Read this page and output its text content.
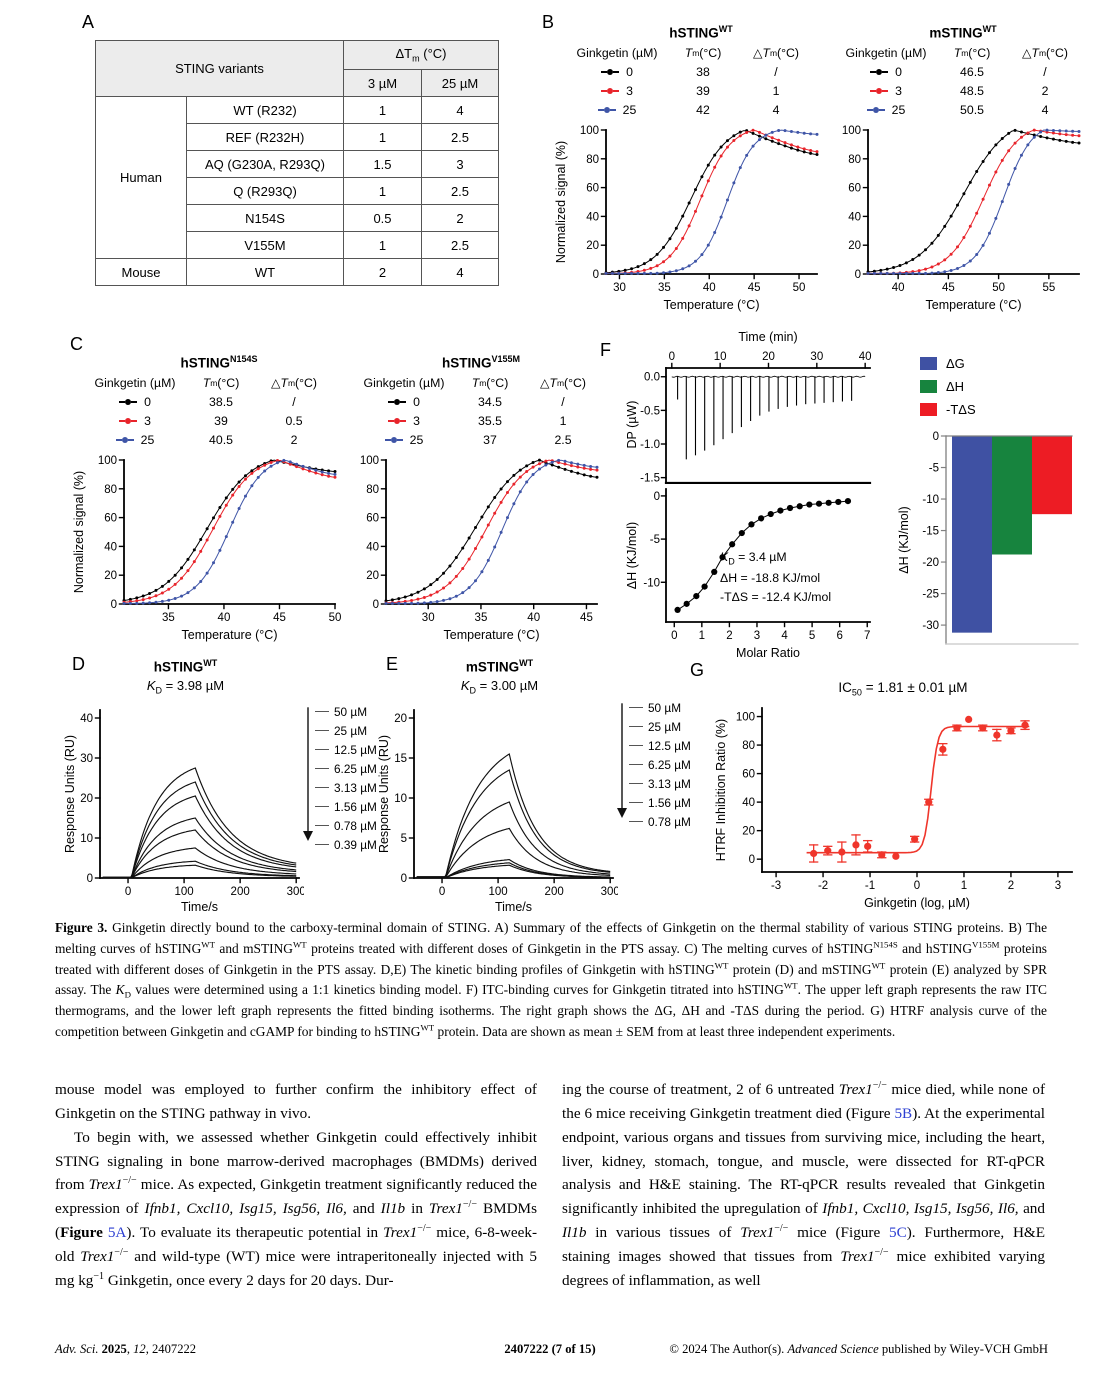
A
STING variants		$\Delta T_m$ (°C)	
		3 µM	25 µM
Human	WT (R232)	1	4
	REF (R232H)	1	2.5
	AQ (G230A, R293Q)	1.5	3
	Q (R293Q)	1	2.5
	N154S	0.5	2
	V155M	1	2.5
Mouse	WT	2	4
B
hSTING$^{WT}$
Ginkgetin (µM)	T m (°C)	△ T m (°C)
0	38	/
3	39	1
25	42	4
0
20
40
60
80
100
30	35	40	45	50
Temperature (°C)
Normalized signal (%)
mSTING$^{WT}$
Ginkgetin (µM)	T m (°C)	△ T m (°C)
0	46.5	/
3	48.5	2
25	50.5	4
0
20
40
60
80
100
40	45	50	55
Temperature (°C)
C
hSTING$^{N154S}$
Ginkgetin (µM)	T m (°C)	△ T m (°C)
0	38.5	/
3	39	0.5
25	40.5	2
0
20
40
60
80
100
35	40	45	50
Temperature (°C)
Normalized signal (%)
hSTING$^{V155M}$
Ginkgetin (µM)	T m (°C)	△ T m (°C)
0	34.5	/
3	35.5	1
25	37	2.5
0
20
40
60
80
100
30	35	40	45
Temperature (°C)
F
Time (min)
0	10	20	30	40
0.0
-0.5
-1.0
-1.5
DP (µW)
0
-5
-10
0 1 2 3 4 5 6 7
Molar Ratio
ΔH (KJ/mol)	$K_D = 3.4$ µM
ΔH = -18.8 KJ/mol
-TΔS = -12.4 KJ/mol
ΔG
ΔH
-TΔS
0
-5
-10
-15
-20
-25
-30
ΔH (KJ/mol)
D	hSTING$^{WT}$
$K_D = 3.98$ µM
0
10
20
30
40
0	100	200	300
Time/s
Response Units (RU)
50 µM
25 µM
12.5 µM
6.25 µM
3.13 µM
1.56 µM
0.78 µM
0.39 µM
E	mSTING$^{WT}$
$K_D = 3.00$ µM
0
5
10
15
20
0	100	200	300
Time/s
Response Units (RU)
50 µM
25 µM
12.5 µM
6.25 µM
3.13 µM
1.56 µM
0.78 µM
G
$IC_{50} = 1.81 \pm 0.01$ µM
0
20
40
60
80
100
-3	-2	-1	0	1	2	3
Ginkgetin (log, µM)
HTRF Inhibition Ratio (%)

Figure 3. Ginkgetin directly bound to the carboxy-terminal domain of STING. A) Summary of the effects of Ginkgetin on the thermal stability of various STING proteins. B) The melting curves of hSTING$^{WT}$ and mSTING$^{WT}$ proteins treated with different doses of Ginkgetin in the PTS assay. C) The melting curves of hSTING$^{N154S}$ and hSTING$^{V155M}$ proteins treated with different doses of Ginkgetin in the PTS assay. D,E) The kinetic binding profiles of Ginkgetin with hSTING$^{WT}$ protein (D) and mSTING$^{WT}$ protein (E) analyzed by SPR assay. The $K_D$ values were determined using a 1:1 kinetics binding model. F) ITC-binding curves for Ginkgetin titrated into hSTING$^{WT}$. The upper left graph represents the raw ITC thermograms, and the lower left graph represents the fitted binding isotherms. The right graph shows the ΔG, ΔH and -TΔS during the period. G) HTRF analysis curve of the competition between Ginkgetin and cGAMP for binding to hSTING$^{WT}$ protein. Data are shown as mean ± SEM from at least three independent experiments.

mouse model was employed to further confirm the inhibitory effect of Ginkgetin on the STING pathway in vivo.

To begin with, we assessed whether Ginkgetin could effectively inhibit STING signaling in bone marrow-derived macrophages (BMDMs) derived from Trex1−/− mice. As expected, Ginkgetin treatment significantly reduced the expression of Ifnb1, Cxcl10, Isg15, Isg56, Il6, and Il1b in Trex1−/− BMDMs (Figure 5A). To evaluate its therapeutic potential in Trex1−/− mice, 6-8-week-old Trex1−/− and wild-type (WT) mice were intraperitoneally injected with 5 mg $kg^{-1}$ Ginkgetin, once every 2 days for 20 days. Dur-

ing the course of treatment, 2 of 6 untreated Trex1−/− mice died, while none of the 6 mice receiving Ginkgetin treatment died (Figure 5B). At the experimental endpoint, various organs and tissues from surviving mice, including the heart, liver, kidney, stomach, tongue, and muscle, were dissected for RT-qPCR analysis and H&E staining. The RT-qPCR results revealed that Ginkgetin significantly inhibited the upregulation of Ifnb1, Cxcl10, Isg15, Isg56, Il6, and Il1b in various tissues of Trex1−/− mice (Figure 5C). Furthermore, H&E staining images showed that tissues from Trex1−/− mice exhibited varying degrees of inflammation, as well

Adv. Sci. 2025, 12, 2407222	2407222 (7 of 15)	© 2024 The Author(s). Advanced Science published by Wiley-VCH GmbH
